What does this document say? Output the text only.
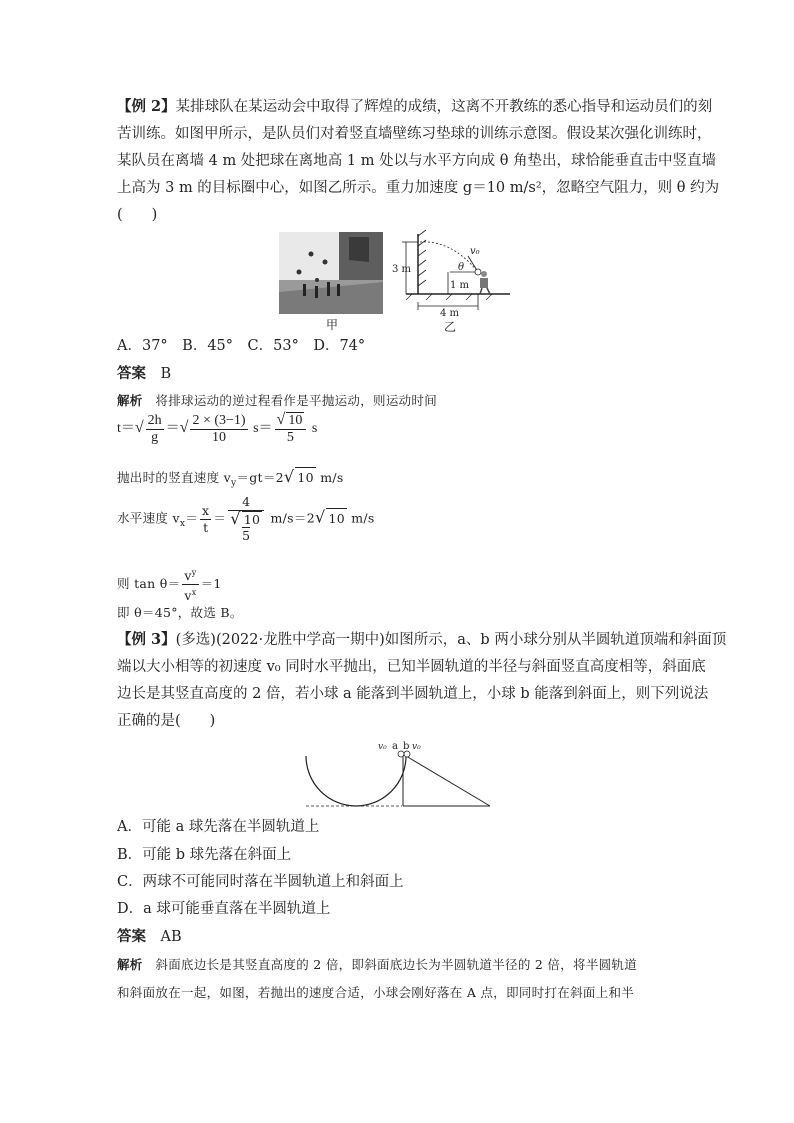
【例 2】某排球队在某运动会中取得了辉煌的成绩，这离不开教练的悉心指导和运动员们的刻
苦训练。如图甲所示，是队员们对着竖直墙壁练习垫球的训练示意图。假设某次强化训练时，
某队员在离墙 4 m 处把球在离地高 1 m 处以与水平方向成 θ 角垫出，球恰能垂直击中竖直墙
上高为 3 m 的目标圈中心，如图乙所示。重力加速度 g＝10 m/s²，忽略空气阻力，则 θ 约为
(　　)
甲
3 m
1 m
4 m
v₀
θ
乙
A．37°　B．45°　C．53°　D．74°
答案　 B
解析　 将排球运动的逆过程看作是平抛运动，则运动时间
$t=√ \frac{2h}{g}$ ＝√ $\frac{2 \times (3-1)}{10} s= \frac{√ 10}{5}$ s
抛出时的竖直速度 $v_y=gt=2√$ 10 m/s
水平速度 $v_x= \frac{x}{t}$ ＝
4
√ 10
5
m/s＝2√ 10 m/s
则 $\tan \theta= \frac{v^y}{v^x} =1$
即 θ＝45°，故选 B。
【例 3】(多选)(2022·龙胜中学高一期中)如图所示，a、b 两小球分别从半圆轨道顶端和斜面顶
端以大小相等的初速度 v₀ 同时水平抛出，已知半圆轨道的半径与斜面竖直高度相等，斜面底
边长是其竖直高度的 2 倍，若小球 a 能落到半圆轨道上，小球 b 能落到斜面上，则下列说法
正确的是(　　)
v₀ a b v₀
A．可能 a 球先落在半圆轨道上
B．可能 b 球先落在斜面上
C．两球不可能同时落在半圆轨道上和斜面上
D．a 球可能垂直落在半圆轨道上
答案　 AB
解析　 斜面底边长是其竖直高度的 2 倍，即斜面底边长为半圆轨道半径的 2 倍，将半圆轨道
和斜面放在一起，如图，若抛出的速度合适，小球会刚好落在 A 点，即同时打在斜面上和半
